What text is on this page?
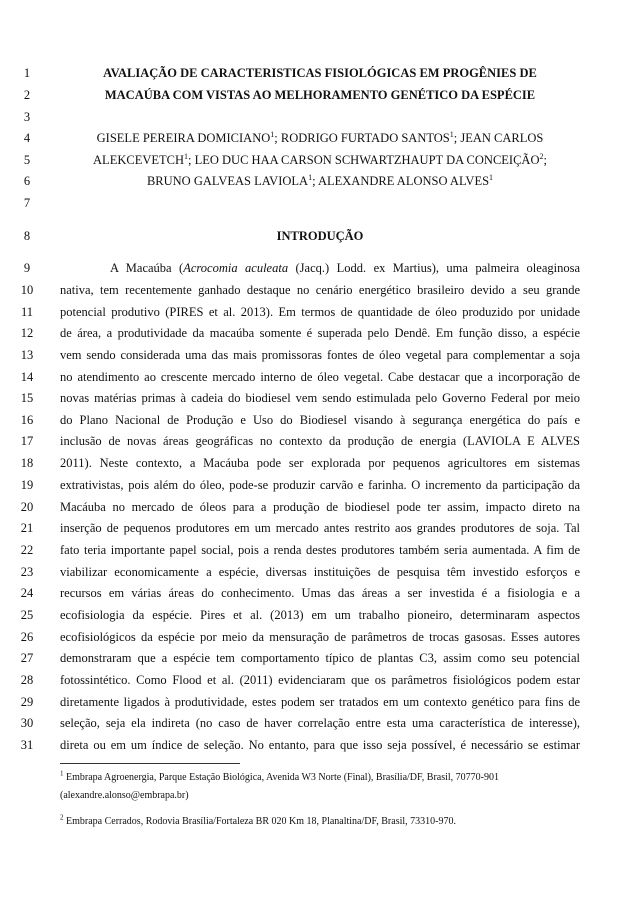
1	AVALIAÇÃO DE CARACTERISTICAS FISIOLÓGICAS EM PROGÊNIES DE
2	MACAÚBA COM VISTAS AO MELHORAMENTO GENÉTICO DA ESPÉCIE
3
4	GISELE PEREIRA DOMICIANO$^1$; RODRIGO FURTADO SANTOS$^1$; JEAN CARLOS
5	ALEKCEVETCH$^1$; LEO DUC HAA CARSON SCHWARTZHAUPT DA CONCEIÇÃO$^2$;
6	BRUNO GALVEAS LAVIOLA$^1$; ALEXANDRE ALONSO ALVES$^1$
7
8	INTRODUÇÃO
9	A Macaúba (Acrocomia aculeata (Jacq.) Lodd. ex Martius), uma palmeira oleaginosa
10	nativa, tem recentemente ganhado destaque no cenário energético brasileiro devido a seu grande
11	potencial produtivo (PIRES et al. 2013). Em termos de quantidade de óleo produzido por unidade
12	de área, a produtividade da macaúba somente é superada pelo Dendê. Em função disso, a espécie
13	vem sendo considerada uma das mais promissoras fontes de óleo vegetal para complementar a soja
14	no atendimento ao crescente mercado interno de óleo vegetal. Cabe destacar que a incorporação de
15	novas matérias primas à cadeia do biodiesel vem sendo estimulada pelo Governo Federal por meio
16	do Plano Nacional de Produção e Uso do Biodiesel visando à segurança energética do país e
17	inclusão de novas áreas geográficas no contexto da produção de energia (LAVIOLA E ALVES
18	2011). Neste contexto, a Macáuba pode ser explorada por pequenos agricultores em sistemas
19	extrativistas, pois além do óleo, pode-se produzir carvão e farinha. O incremento da participação da
20	Macáuba no mercado de óleos para a produção de biodiesel pode ter assim, impacto direto na
21	inserção de pequenos produtores em um mercado antes restrito aos grandes produtores de soja. Tal
22	fato teria importante papel social, pois a renda destes produtores também seria aumentada. A fim de
23	viabilizar economicamente a espécie, diversas instituições de pesquisa têm investido esforços e
24	recursos em várias áreas do conhecimento. Umas das áreas a ser investida é a fisiologia e a
25	ecofisiologia da espécie. Pires et al. (2013) em um trabalho pioneiro, determinaram aspectos
26	ecofisiológicos da espécie por meio da mensuração de parâmetros de trocas gasosas. Esses autores
27	demonstraram que a espécie tem comportamento típico de plantas C3, assim como seu potencial
28	fotossintético. Como Flood et al. (2011) evidenciaram que os parâmetros fisiológicos podem estar
29	diretamente ligados à produtividade, estes podem ser tratados em um contexto genético para fins de
30	seleção, seja ela indireta (no caso de haver correlação entre esta uma característica de interesse),
31	direta ou em um índice de seleção. No entanto, para que isso seja possível, é necessário se estimar
$^1$ Embrapa Agroenergia, Parque Estação Biológica, Avenida W3 Norte (Final), Brasília/DF, Brasil, 70770-901
(alexandre.alonso@embrapa.br)
$^2$ Embrapa Cerrados, Rodovia Brasília/Fortaleza BR 020 Km 18, Planaltina/DF, Brasil, 73310-970.
